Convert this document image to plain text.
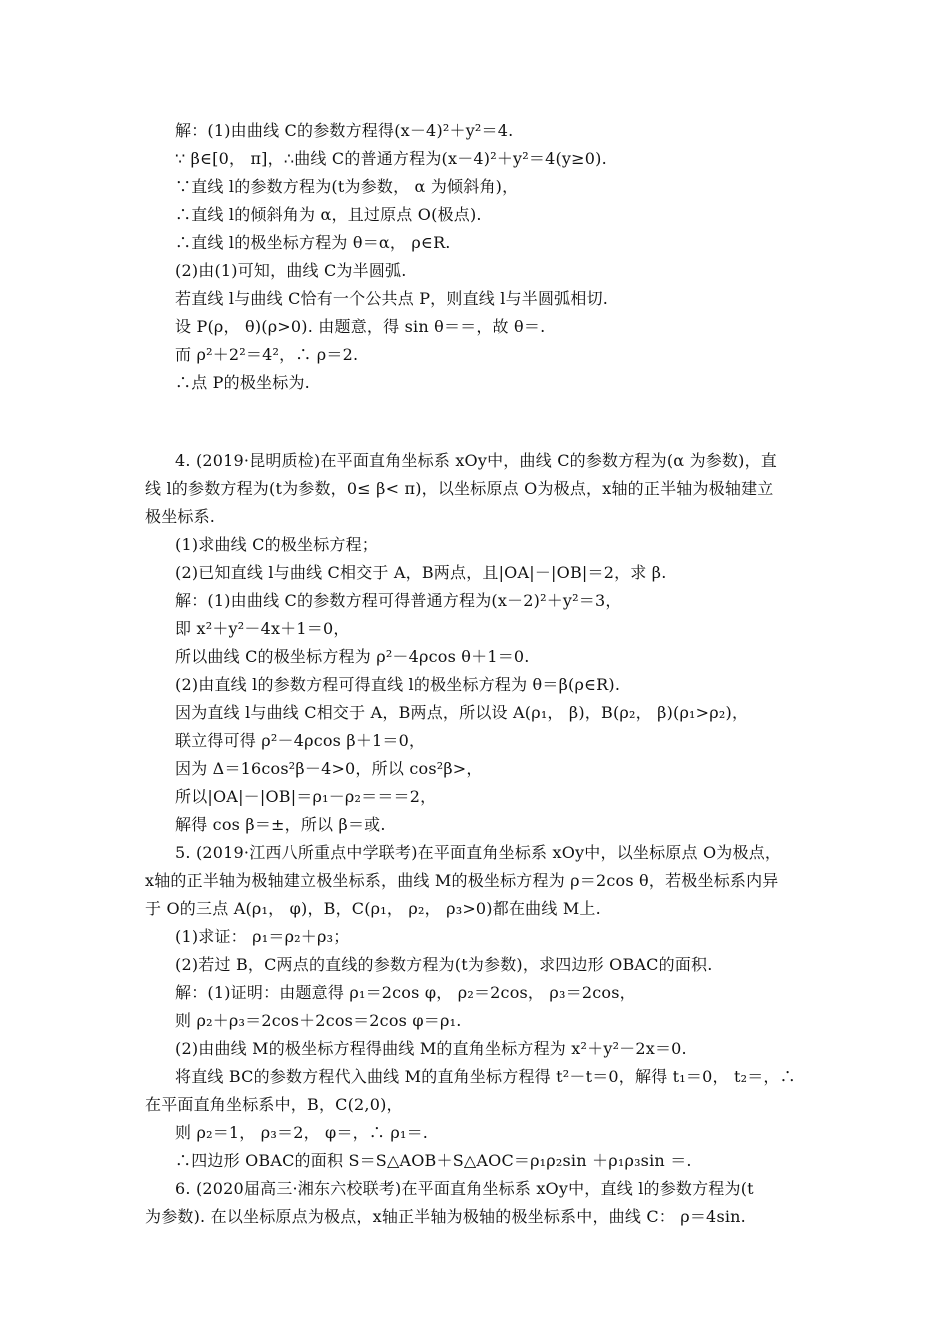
解：(1)由曲线 C的参数方程得(x－4)²＋y²＝4.
∵ β∈[0， π]，∴曲线 C的普通方程为(x－4)²＋y²＝4(y≥0).
∵直线 l的参数方程为(t为参数， α 为倾斜角)，
∴直线 l的倾斜角为 α，且过原点 O(极点).
∴直线 l的极坐标方程为 θ＝α， ρ∈R.
(2)由(1)可知，曲线 C为半圆弧.
若直线 l与曲线 C恰有一个公共点 P，则直线 l与半圆弧相切.
设 P(ρ， θ)(ρ>0). 由题意，得 sin θ＝＝，故 θ＝.
而 ρ²＋2²＝4²，∴ ρ＝2.
∴点 P的极坐标为.
4. (2019·昆明质检)在平面直角坐标系 xOy中，曲线 C的参数方程为(α 为参数)，直
线 l的参数方程为(t为参数，0≤ β< π)，以坐标原点 O为极点，x轴的正半轴为极轴建立
极坐标系.
(1)求曲线 C的极坐标方程；
(2)已知直线 l与曲线 C相交于 A，B两点，且|OA|－|OB|＝2，求 β.
解：(1)由曲线 C的参数方程可得普通方程为(x－2)²＋y²＝3，
即 x²＋y²－4x＋1＝0，
所以曲线 C的极坐标方程为 ρ²－4ρcos θ＋1＝0.
(2)由直线 l的参数方程可得直线 l的极坐标方程为 θ＝β(ρ∈R).
因为直线 l与曲线 C相交于 A，B两点，所以设 A(ρ₁， β)，B(ρ₂， β)(ρ₁>ρ₂)，
联立得可得 ρ²－4ρcos β＋1＝0，
因为 Δ＝16cos²β－4>0，所以 cos²β>，
所以|OA|－|OB|＝ρ₁－ρ₂＝＝＝2，
解得 cos β＝±，所以 β＝或.
5. (2019·江西八所重点中学联考)在平面直角坐标系 xOy中，以坐标原点 O为极点，
x轴的正半轴为极轴建立极坐标系，曲线 M的极坐标方程为 ρ＝2cos θ，若极坐标系内异
于 O的三点 A(ρ₁， φ)，B，C(ρ₁， ρ₂， ρ₃>0)都在曲线 M上.
(1)求证： ρ₁＝ρ₂＋ρ₃；
(2)若过 B，C两点的直线的参数方程为(t为参数)，求四边形 OBAC的面积.
解：(1)证明：由题意得 ρ₁＝2cos φ， ρ₂＝2cos， ρ₃＝2cos，
则 ρ₂＋ρ₃＝2cos＋2cos＝2cos φ＝ρ₁.
(2)由曲线 M的极坐标方程得曲线 M的直角坐标方程为 x²＋y²－2x＝0.
将直线 BC的参数方程代入曲线 M的直角坐标方程得 t²－t＝0，解得 t₁＝0， t₂＝，∴
在平面直角坐标系中，B，C(2,0)，
则 ρ₂＝1， ρ₃＝2， φ＝，∴ ρ₁＝.
∴四边形 OBAC的面积 S＝S△AOB＋S△AOC＝ρ₁ρ₂sin ＋ρ₁ρ₃sin ＝.
6. (2020届高三·湘东六校联考)在平面直角坐标系 xOy中，直线 l的参数方程为(t
为参数). 在以坐标原点为极点，x轴正半轴为极轴的极坐标系中，曲线 C： ρ＝4sin.
